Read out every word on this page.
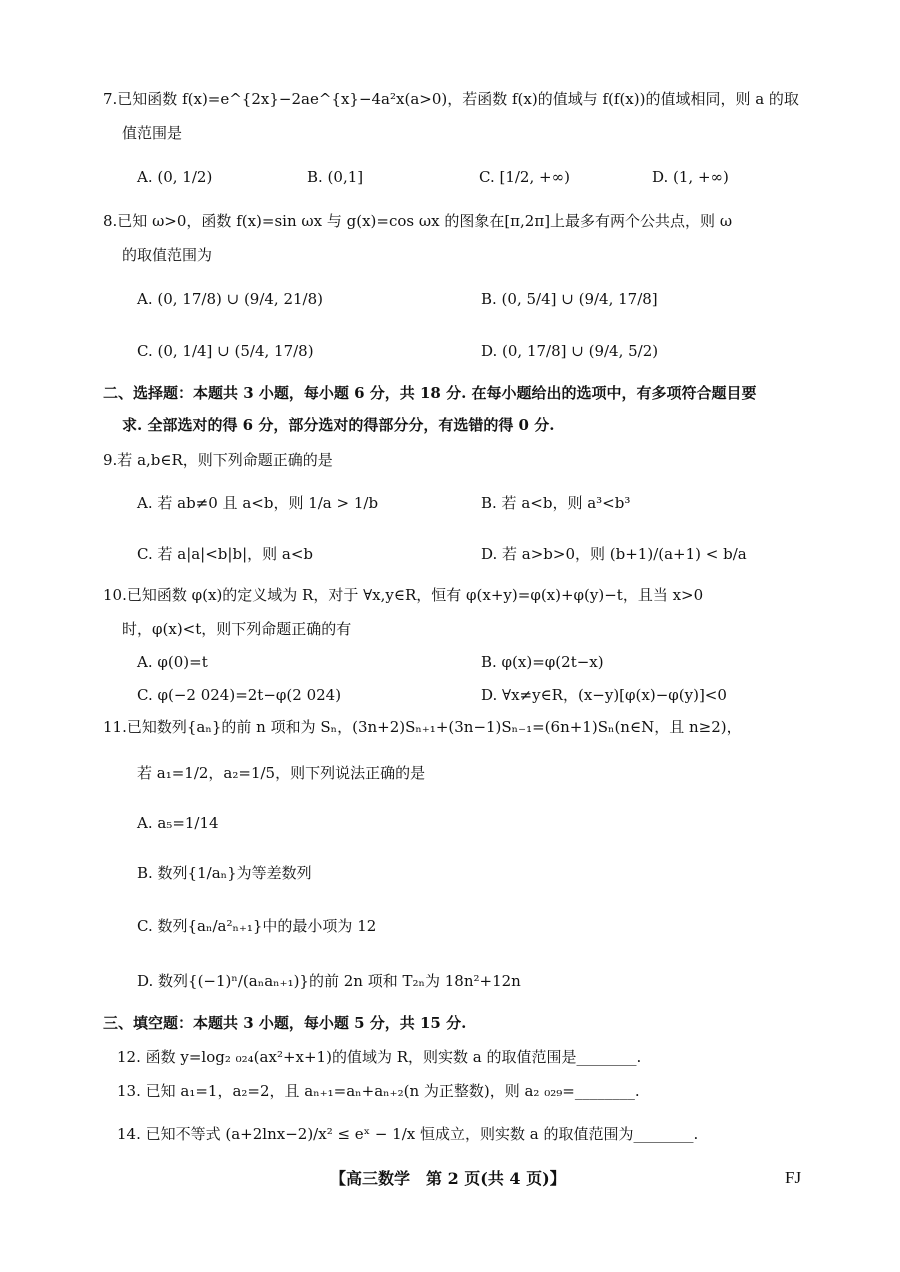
7.已知函数 f(x)=e^{2x}−2ae^{x}−4a²x(a>0)，若函数 f(x)的值域与 f(f(x))的值域相同，则 a 的取
值范围是
A. (0, 1/2)	B. (0,1]	C. [1/2, +∞)	D. (1, +∞)
8.已知 ω>0，函数 f(x)=sin ωx 与 g(x)=cos ωx 的图象在[π,2π]上最多有两个公共点，则 ω
的取值范围为
A. (0, 17/8) ∪ (9/4, 21/8)	B. (0, 5/4] ∪ (9/4, 17/8]
C. (0, 1/4] ∪ (5/4, 17/8)	D. (0, 17/8] ∪ (9/4, 5/2)
二、选择题：本题共 3 小题，每小题 6 分，共 18 分. 在每小题给出的选项中，有多项符合题目要
求. 全部选对的得 6 分，部分选对的得部分分，有选错的得 0 分.
9.若 a,b∈R，则下列命题正确的是
A. 若 ab≠0 且 a<b，则 1/a > 1/b	B. 若 a<b，则 a³<b³
C. 若 a|a|<b|b|，则 a<b	D. 若 a>b>0，则 (b+1)/(a+1) < b/a
10.已知函数 φ(x)的定义域为 R，对于 ∀x,y∈R，恒有 φ(x+y)=φ(x)+φ(y)−t，且当 x>0
时，φ(x)<t，则下列命题正确的有
A. φ(0)=t	B. φ(x)=φ(2t−x)
C. φ(−2 024)=2t−φ(2 024)	D. ∀x≠y∈R，(x−y)[φ(x)−φ(y)]<0
11.已知数列{aₙ}的前 n 项和为 Sₙ，(3n+2)Sₙ₊₁+(3n−1)Sₙ₋₁=(6n+1)Sₙ(n∈N，且 n≥2)，
若 a₁=1/2，a₂=1/5，则下列说法正确的是
A. a₅=1/14
B. 数列{1/aₙ}为等差数列
C. 数列{aₙ/a²ₙ₊₁}中的最小项为 12
D. 数列{(−1)ⁿ/(aₙaₙ₊₁)}的前 2n 项和 T₂ₙ为 18n²+12n
三、填空题：本题共 3 小题，每小题 5 分，共 15 分.
12. 函数 y=log₂ ₀₂₄(ax²+x+1)的值域为 R，则实数 a 的取值范围是________.
13. 已知 a₁=1，a₂=2，且 aₙ₊₁=aₙ+aₙ₊₂(n 为正整数)，则 a₂ ₀₂₉=________.
14. 已知不等式 (a+2lnx−2)/x² ≤ eˣ − 1/x 恒成立，则实数 a 的取值范围为________.
【高三数学　第 2 页(共 4 页)】	FJ
